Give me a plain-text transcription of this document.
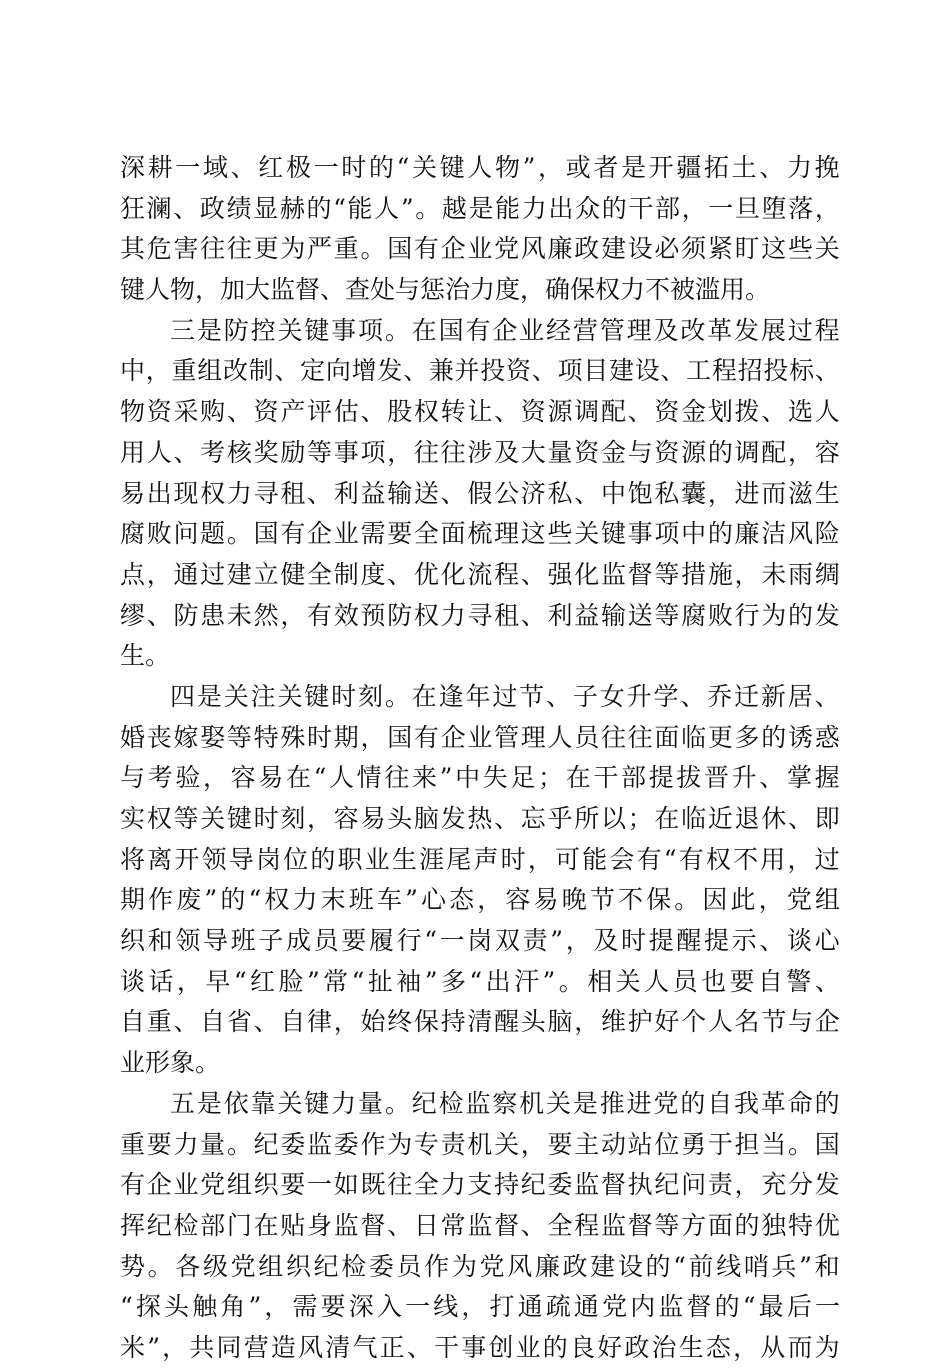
深 耕 一 域 、 红 极 一 时 的 “ 关 键 人 物 ” ， 或 者 是 开 疆 拓 土 、 力 挽
狂 澜 、 政 绩 显 赫 的 “ 能 人 ” 。 越 是 能 力 出 众 的 干 部 ， 一 旦 堕 落 ，
其 危 害 往 往 更 为 严 重 。 国 有 企 业 党 风 廉 政 建 设 必 须 紧 盯 这 些 关
键人物，加大监督、查处与惩治力度，确保权力不被滥用。
三 是 防 控 关 键 事 项 。 在 国 有 企 业 经 营 管 理 及 改 革 发 展 过 程
中 ， 重 组 改 制 、 定 向 增 发 、 兼 并 投 资 、 项 目 建 设 、 工 程 招 投 标 、
物 资 采 购 、 资 产 评 估 、 股 权 转 让 、 资 源 调 配 、 资 金 划 拨 、 选 人
用 人 、 考 核 奖 励 等 事 项 ， 往 往 涉 及 大 量 资 金 与 资 源 的 调 配 ， 容
易 出 现 权 力 寻 租 、 利 益 输 送 、 假 公 济 私 、 中 饱 私 囊 ， 进 而 滋 生
腐 败 问 题 。 国 有 企 业 需 要 全 面 梳 理 这 些 关 键 事 项 中 的 廉 洁 风 险
点 ， 通 过 建 立 健 全 制 度 、 优 化 流 程 、 强 化 监 督 等 措 施 ， 未 雨 绸
缪 、 防 患 未 然 ， 有 效 预 防 权 力 寻 租 、 利 益 输 送 等 腐 败 行 为 的 发
生。
四 是 关 注 关 键 时 刻 。 在 逢 年 过 节 、 子 女 升 学 、 乔 迁 新 居 、
婚 丧 嫁 娶 等 特 殊 时 期 ， 国 有 企 业 管 理 人 员 往 往 面 临 更 多 的 诱 惑
与 考 验 ， 容 易 在 “ 人 情 往 来 ” 中 失 足 ； 在 干 部 提 拔 晋 升 、 掌 握
实 权 等 关 键 时 刻 ， 容 易 头 脑 发 热 、 忘 乎 所 以 ； 在 临 近 退 休 、 即
将 离 开 领 导 岗 位 的 职 业 生 涯 尾 声 时 ， 可 能 会 有 “ 有 权 不 用 ， 过
期 作 废 ” 的 “ 权 力 末 班 车 ” 心 态 ， 容 易 晚 节 不 保 。 因 此 ， 党 组
织 和 领 导 班 子 成 员 要 履 行 “ 一 岗 双 责 ” ， 及 时 提 醒 提 示 、 谈 心
谈 话 ， 早 “ 红 脸 ” 常 “ 扯 袖 ” 多 “ 出 汗 ” 。 相 关 人 员 也 要 自 警 、
自 重 、 自 省 、 自 律 ， 始 终 保 持 清 醒 头 脑 ， 维 护 好 个 人 名 节 与 企
业形象。
五 是 依 靠 关 键 力 量 。 纪 检 监 察 机 关 是 推 进 党 的 自 我 革 命 的
重 要 力 量 。 纪 委 监 委 作 为 专 责 机 关 ， 要 主 动 站 位 勇 于 担 当 。 国
有 企 业 党 组 织 要 一 如 既 往 全 力 支 持 纪 委 监 督 执 纪 问 责 ， 充 分 发
挥 纪 检 部 门 在 贴 身 监 督 、 日 常 监 督 、 全 程 监 督 等 方 面 的 独 特 优
势 。 各 级 党 组 织 纪 检 委 员 作 为 党 风 廉 政 建 设 的 “ 前 线 哨 兵 ” 和
“ 探 头 触 角 ” ， 需 要 深 入 一 线 ， 打 通 疏 通 党 内 监 督 的 “ 最 后 一
米 ” ， 共 同 营 造 风 清 气 正 、 干 事 创 业 的 良 好 政 治 生 态 ， 从 而 为
